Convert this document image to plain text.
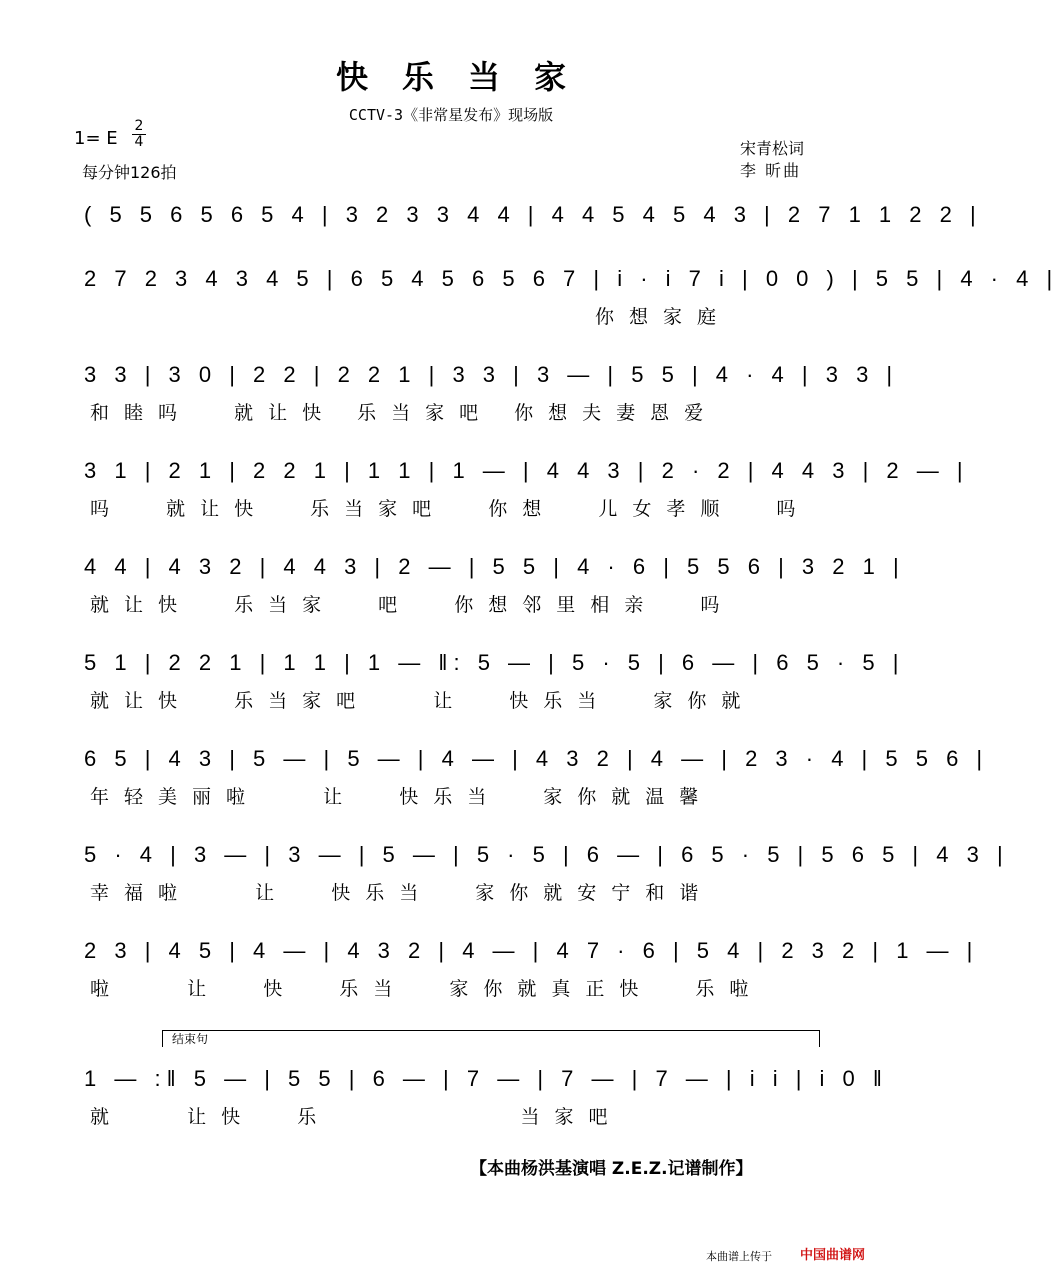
快乐当家
CCTV-3《非常星发布》现场版
1= E
2
4
每分钟126拍
宋青松词
李 昕曲
( 5 5 6 5 6 5 4 | 3 2 3 3 4 4 | 4 4 5 4 5 4 3 | 2 7 1 1 2 2 |
2 7 2 3 4 3 4 5 | 6 5 4 5 6 5 6 7 | i · i 7 i | 0 0 ) | 5 5 | 4 · 4 |
你想家庭
3 3 | 3 0 | 2 2 | 2 2 1 | 3 3 | 3 — | 5 5 | 4 · 4 | 3 3 |
和睦吗  就让快 乐当家吧 你想夫妻恩爱
3 1 | 2 1 | 2 2 1 | 1 1 | 1 — | 4 4 3 | 2 · 2 | 4 4 3 | 2 — |
吗  就让快  乐当家吧  你想  儿女孝顺  吗
4 4 | 4 3 2 | 4 4 3 | 2 — | 5 5 | 4 · 6 | 5 5 6 | 3 2 1 |
就让快  乐当家  吧  你想邻里相亲  吗
5 1 | 2 2 1 | 1 1 | 1 — ‖: 5 — | 5 · 5 | 6 — | 6 5 · 5 |
就让快  乐当家吧   让  快乐当  家你就
6 5 | 4 3 | 5 — | 5 — | 4 — | 4 3 2 | 4 — | 2 3 · 4 | 5 5 6 |
年轻美丽啦   让  快乐当  家你就温馨
5 · 4 | 3 — | 3 — | 5 — | 5 · 5 | 6 — | 6 5 · 5 | 5 6 5 | 4 3 |
幸福啦   让  快乐当  家你就安宁和谐
2 3 | 4 5 | 4 — | 4 3 2 | 4 — | 4 7 · 6 | 5 4 | 2 3 2 | 1 — |
啦   让  快  乐当  家你就真正快  乐啦
结束句
1 — :‖ 5 — | 5 5 | 6 — | 7 — | 7 — | 7 — | i i | i 0 ‖
就   让快  乐         当家吧
【本曲杨洪基演唱 Z.E.Z.记谱制作】
本曲谱上传于 中国曲谱网
